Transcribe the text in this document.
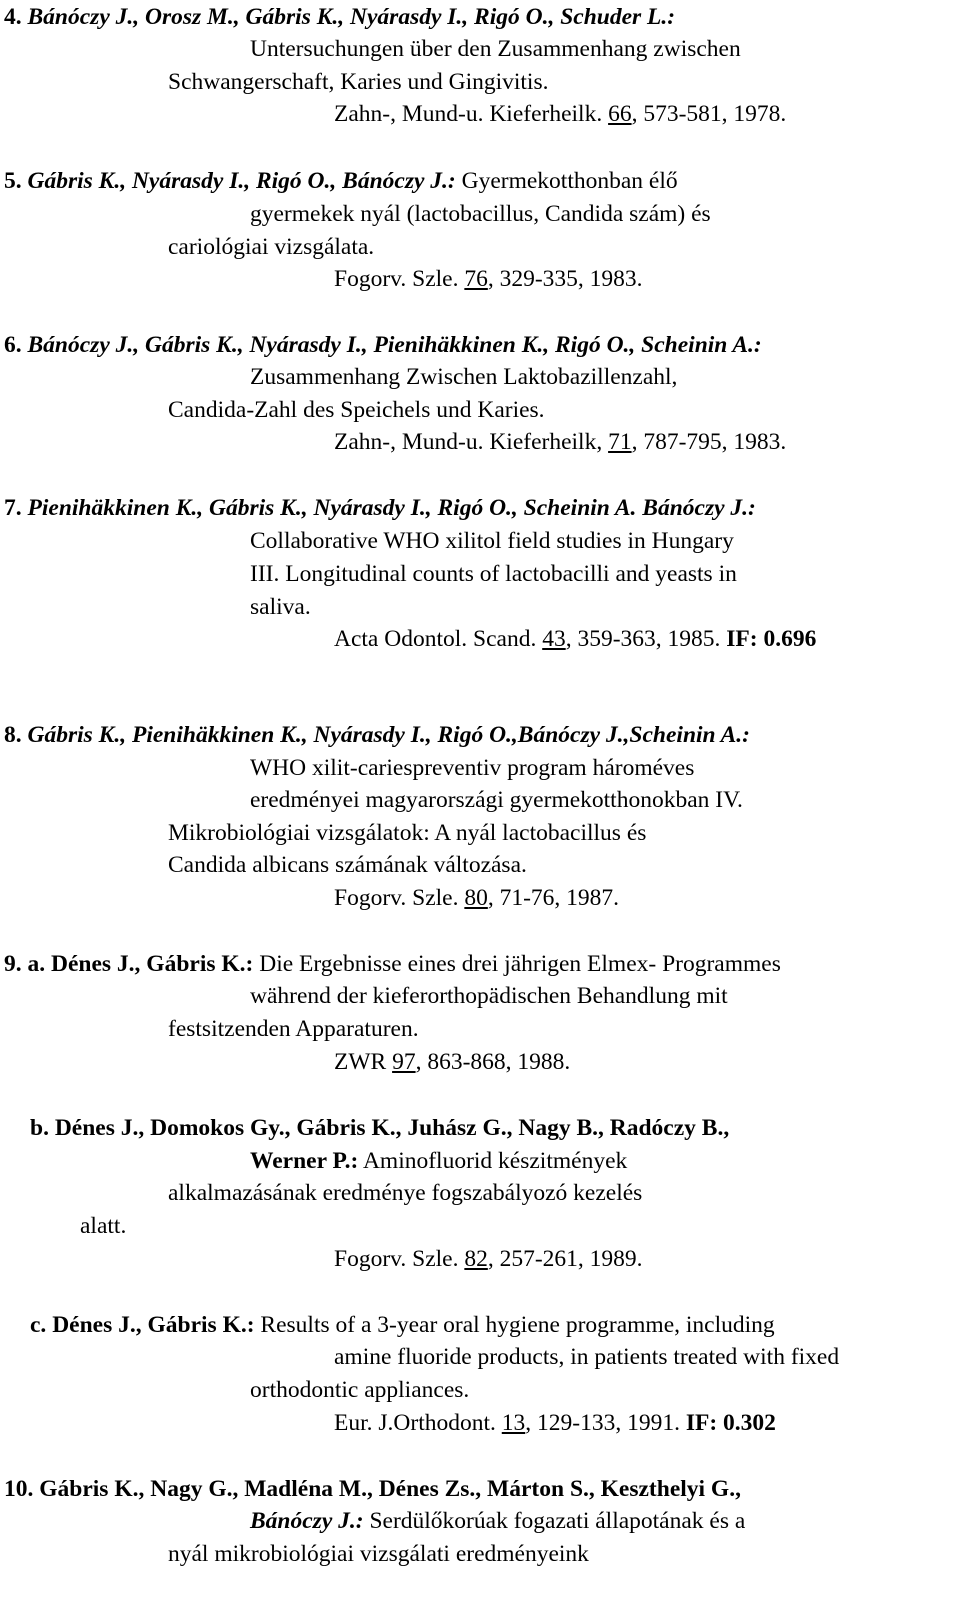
4. Bánóczy J., Orosz M., Gábris K., Nyárasdy I., Rigó O., Schuder L.:
Untersuchungen über den Zusammenhang zwischen
Schwangerschaft, Karies und Gingivitis.
Zahn-, Mund-u. Kieferheilk. 66, 573-581, 1978.
5. Gábris K., Nyárasdy I., Rigó O., Bánóczy J.: Gyermekotthonban élő
gyermekek nyál (lactobacillus, Candida szám) és
cariológiai vizsgálata.
Fogorv. Szle. 76, 329-335, 1983.
6. Bánóczy J., Gábris K., Nyárasdy I., Pienihäkkinen K., Rigó O., Scheinin A.:
Zusammenhang Zwischen Laktobazillenzahl,
Candida-Zahl des Speichels und Karies.
Zahn-, Mund-u. Kieferheilk, 71, 787-795, 1983.
7. Pienihäkkinen K., Gábris K., Nyárasdy I., Rigó O., Scheinin A. Bánóczy J.:
Collaborative WHO xilitol field studies in Hungary
III. Longitudinal counts of lactobacilli and yeasts in
saliva.
Acta Odontol. Scand. 43, 359-363, 1985. IF: 0.696
8. Gábris K., Pienihäkkinen K., Nyárasdy I., Rigó O.,Bánóczy J.,Scheinin A.:
WHO xilit-cariespreventiv program hároméves
eredményei magyarországi gyermekotthonokban IV.
Mikrobiológiai vizsgálatok: A nyál lactobacillus és
Candida albicans számának változása.
Fogorv. Szle. 80, 71-76, 1987.
9. a. Dénes J., Gábris K.: Die Ergebnisse eines drei jährigen Elmex- Programmes
während der kieferorthopädischen Behandlung mit
festsitzenden Apparaturen.
ZWR 97, 863-868, 1988.
b. Dénes J., Domokos Gy., Gábris K., Juhász G., Nagy B., Radóczy B.,
Werner P.: Aminofluorid készitmények
alkalmazásának eredménye fogszabályozó kezelés
alatt.
Fogorv. Szle. 82, 257-261, 1989.
c. Dénes J., Gábris K.: Results of a 3-year oral hygiene programme, including
amine fluoride products, in patients treated with fixed
orthodontic appliances.
Eur. J.Orthodont. 13, 129-133, 1991. IF: 0.302
10. Gábris K., Nagy G., Madléna M., Dénes Zs., Márton S., Keszthelyi G.,
Bánóczy J.: Serdülőkorúak fogazati állapotának és a
nyál mikrobiológiai vizsgálati eredményeink
